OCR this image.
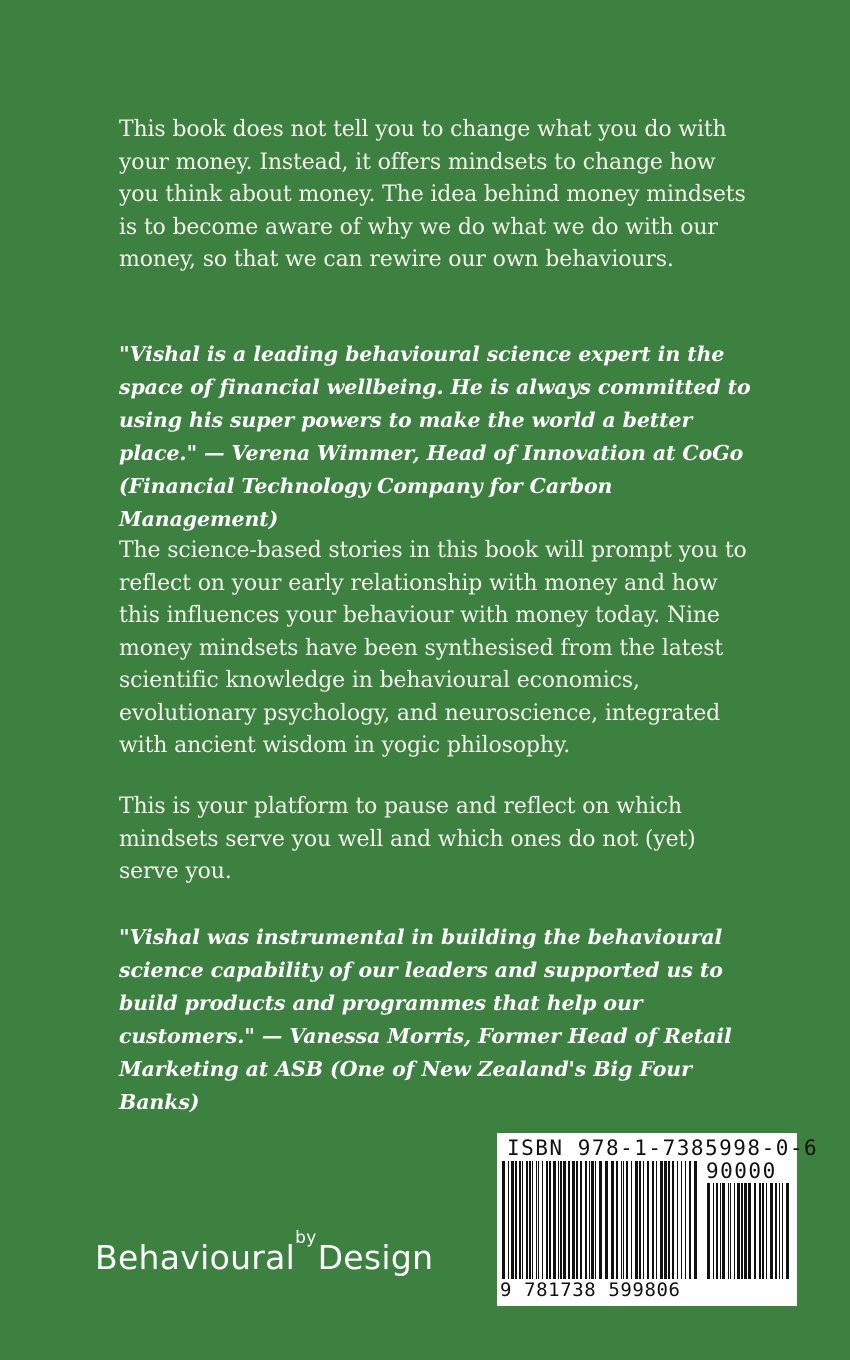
This book does not tell you to change what you do with your money. Instead, it offers mindsets to change how you think about money. The idea behind money mindsets is to become aware of why we do what we do with our money, so that we can rewire our own behaviours.

"Vishal is a leading behavioural science expert in the space of financial wellbeing. He is always committed to using his super powers to make the world a better place." — Verena Wimmer, Head of Innovation at CoGo (Financial Technology Company for Carbon Management)

The science-based stories in this book will prompt you to reflect on your early relationship with money and how this influences your behaviour with money today. Nine money mindsets have been synthesised from the latest scientific knowledge in behavioural economics, evolutionary psychology, and neuroscience, integrated with ancient wisdom in yogic philosophy.

This is your platform to pause and reflect on which mindsets serve you well and which ones do not (yet) serve you.

"Vishal was instrumental in building the behavioural science capability of our leaders and supported us to build products and programmes that help our customers." — Vanessa Morris, Former Head of Retail Marketing at ASB (One of New Zealand's Big Four Banks)

Behavioural$^{by}$Design
ISBN 978-1-7385998-0-6
90000
9 781738 599806
